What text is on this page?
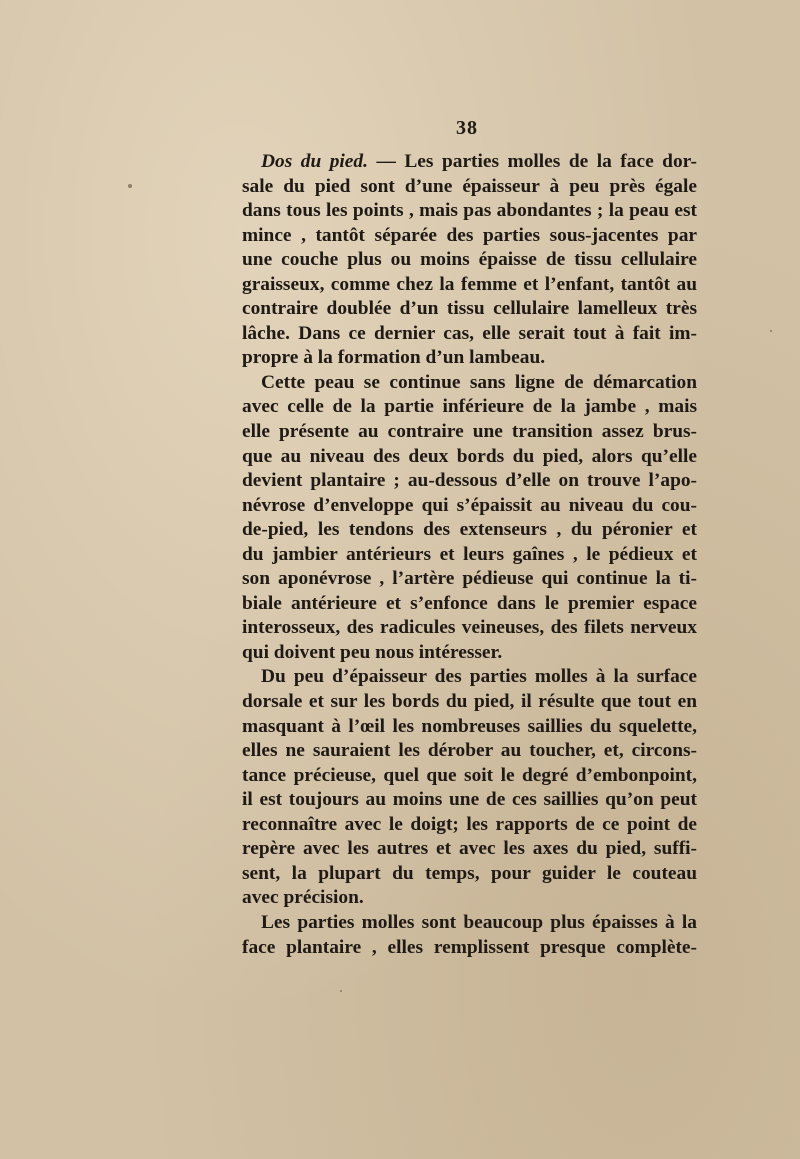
38
Dos du pied. — Les parties molles de la face dor-
sale du pied sont d’une épaisseur à peu près égale
dans tous les points , mais pas abondantes ; la peau est
mince , tantôt séparée des parties sous-jacentes par
une couche plus ou moins épaisse de tissu cellulaire
graisseux, comme chez la femme et l’enfant, tantôt au
contraire doublée d’un tissu cellulaire lamelleux très
lâche. Dans ce dernier cas, elle serait tout à fait im-
propre à la formation d’un lambeau.
Cette peau se continue sans ligne de démarcation
avec celle de la partie inférieure de la jambe , mais
elle présente au contraire une transition assez brus-
que au niveau des deux bords du pied, alors qu’elle
devient plantaire ; au-dessous d’elle on trouve l’apo-
névrose d’enveloppe qui s’épaissit au niveau du cou-
de-pied, les tendons des extenseurs , du péronier et
du jambier antérieurs et leurs gaînes , le pédieux et
son aponévrose , l’artère pédieuse qui continue la ti-
biale antérieure et s’enfonce dans le premier espace
interosseux, des radicules veineuses, des filets nerveux
qui doivent peu nous intéresser.
Du peu d’épaisseur des parties molles à la surface
dorsale et sur les bords du pied, il résulte que tout en
masquant à l’œil les nombreuses saillies du squelette,
elles ne sauraient les dérober au toucher, et, circons-
tance précieuse, quel que soit le degré d’embonpoint,
il est toujours au moins une de ces saillies qu’on peut
reconnaître avec le doigt; les rapports de ce point de
repère avec les autres et avec les axes du pied, suffi-
sent, la plupart du temps, pour guider le couteau
avec précision.
Les parties molles sont beaucoup plus épaisses à la
face plantaire , elles remplissent presque complète-
